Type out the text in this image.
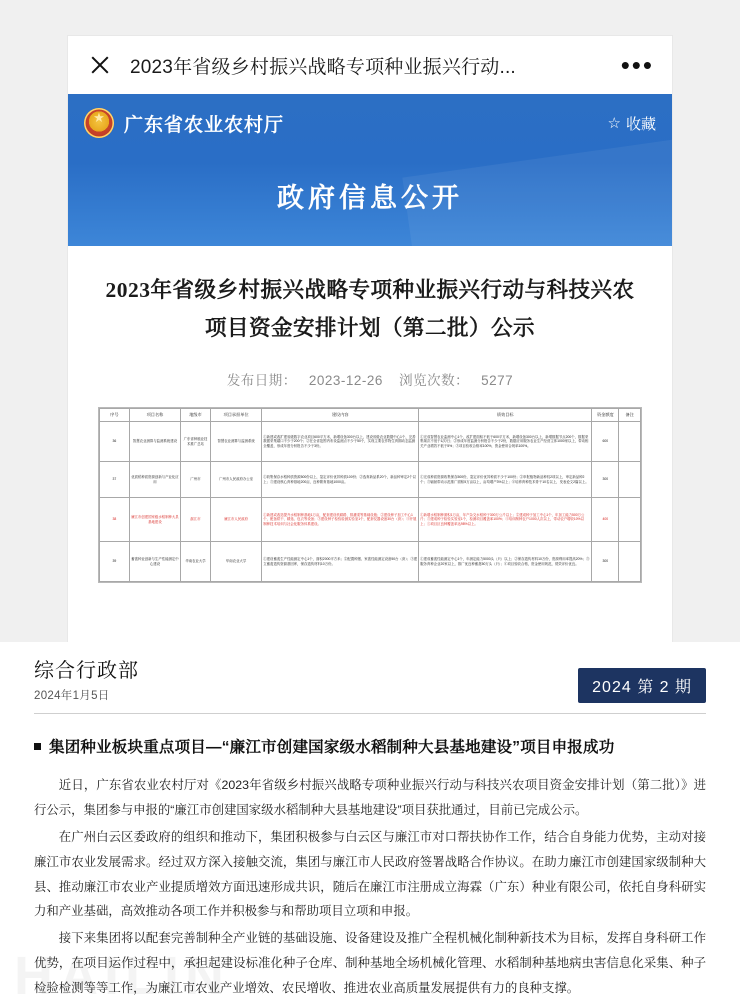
2023年省级乡村振兴战略专项种业振兴行动...	•••
★
广东省农业农村厅	☆ 收藏
政府信息公开
2023年省级乡村振兴战略专项种业振兴行动与科技兴农项目资金安排计划（第二批）公示
发布日期： 2023-12-26 浏览次数： 5277
序号	项目名称	地级市	项目承担单位	建设内容	绩效目标	资金额度	备注
36	智慧农业测算与监测系统建设	广东省种植业技术推广总站	智慧农业测算与监测系统	①新建或改扩建省级数字农业项目600平方米，新增设备300台以上，建设省级农业数据中心1个，完善数据采集端口不少于200个；②在全省范围内布设监测点不少于50个，实现主要农作物生育期动态监测全覆盖，形成年度分析报告不少于3份。	①完成智慧农业监测中心1个，改扩建面积不低于600平方米，新增设备300台以上，新增数据节点200个，数据采集频次不低于1次/日；②形成年度监测分析报告不少于2份，数据应用服务农业生产经营主体1000家以上，带动相关产业增效不低于5%；③项目验收合格率100%，资金使用合规率100%。	600	
37	优质稻种质资源创新与产业化应用	广州市	广州市人民政府办公室	①收集保存水稻种质资源500份以上，鉴定评价优异种质100份；②选育新品系20个，新品种审定2个以上；③建设核心育种基地200亩，良种繁育基地1000亩。	①完成种质资源收集保存500份，鉴定评价优异种质不少于100份；②申报植物新品种权2项以上，审定新品种2个；③辐射带动示范推广面积5万亩以上，亩均增产3%以上；④培养育种技术骨干10名以上，发表论文2篇以上。	300	
38	廉江市创建国家级水稻制种大县基地建设	湛江市	廉江市人民政府	①新建或改造提升水稻制种基地1万亩，配套建设机耕路、排灌渠等基础设施；②建设种子加工中心1个，配备烘干、精选、包衣等设备；③建设种子检验检测实验室1个，配套仪器设备30台（套）；④开展制种技术培训与社会化服务体系建设。	①新增水稻制种面积1万亩，年产杂交水稻种子300万公斤以上；②建成种子加工中心1个，年加工能力500万公斤；③建成种子检验实验室1个，检测项目覆盖率100%；④培训制种农户1000人次以上，带动农户增收10%以上；⑤项目区良种覆盖率达98%以上。	400	
39	畜禽种业创新与生产性能测定中心建设	华南农业大学	华南农业大学	①建设畜禽生产性能测定中心1个，面积2000平方米；②配置种猪、家禽性能测定设备50台（套）；③建立畜禽遗传资源基因库，保存遗传材料10万份。	①建成畜禽性能测定中心1个，年测定能力5000头（只）以上；②保存遗传材料10万份，资源利用率提高20%；③服务育种企业20家以上，推广优良种畜禽50万头（只）；④项目验收合格，资金使用规范，绩效评价优良。	300	
综合行政部
2024年1月5日	2024 第 2 期
集团种业板块重点项目—“廉江市创建国家级水稻制种大县基地建设”项目申报成功

近日，广东省农业农村厅对《2023年省级乡村振兴战略专项种业振兴行动与科技兴农项目资金安排计划（第二批）》进行公示，集团参与申报的“廉江市创建国家级水稻制种大县基地建设”项目获批通过，目前已完成公示。

在广州白云区委政府的组织和推动下，集团积极参与白云区与廉江市对口帮扶协作工作，结合自身能力优势，主动对接廉江市农业发展需求。经过双方深入接触交流，集团与廉江市人民政府签署战略合作协议。在助力廉江市创建国家级制种大县、推动廉江市农业产业提质增效方面迅速形成共识，随后在廉江市注册成立海霖（广东）种业有限公司，依托自身科研实力和产业基础，高效推动各项工作并积极参与和帮助项目立项和申报。

接下来集团将以配套完善制种全产业链的基础设施、设备建设及推广全程机械化制种新技术为目标，发挥自身科研工作优势，在项目运作过程中，承担起建设标准化种子仓库、制种基地全场机械化管理、水稻制种基地病虫害信息化采集、种子检验检测等等工作，为廉江市农业产业增效、农民增收、推进农业高质量发展提供有力的良种支撑。
